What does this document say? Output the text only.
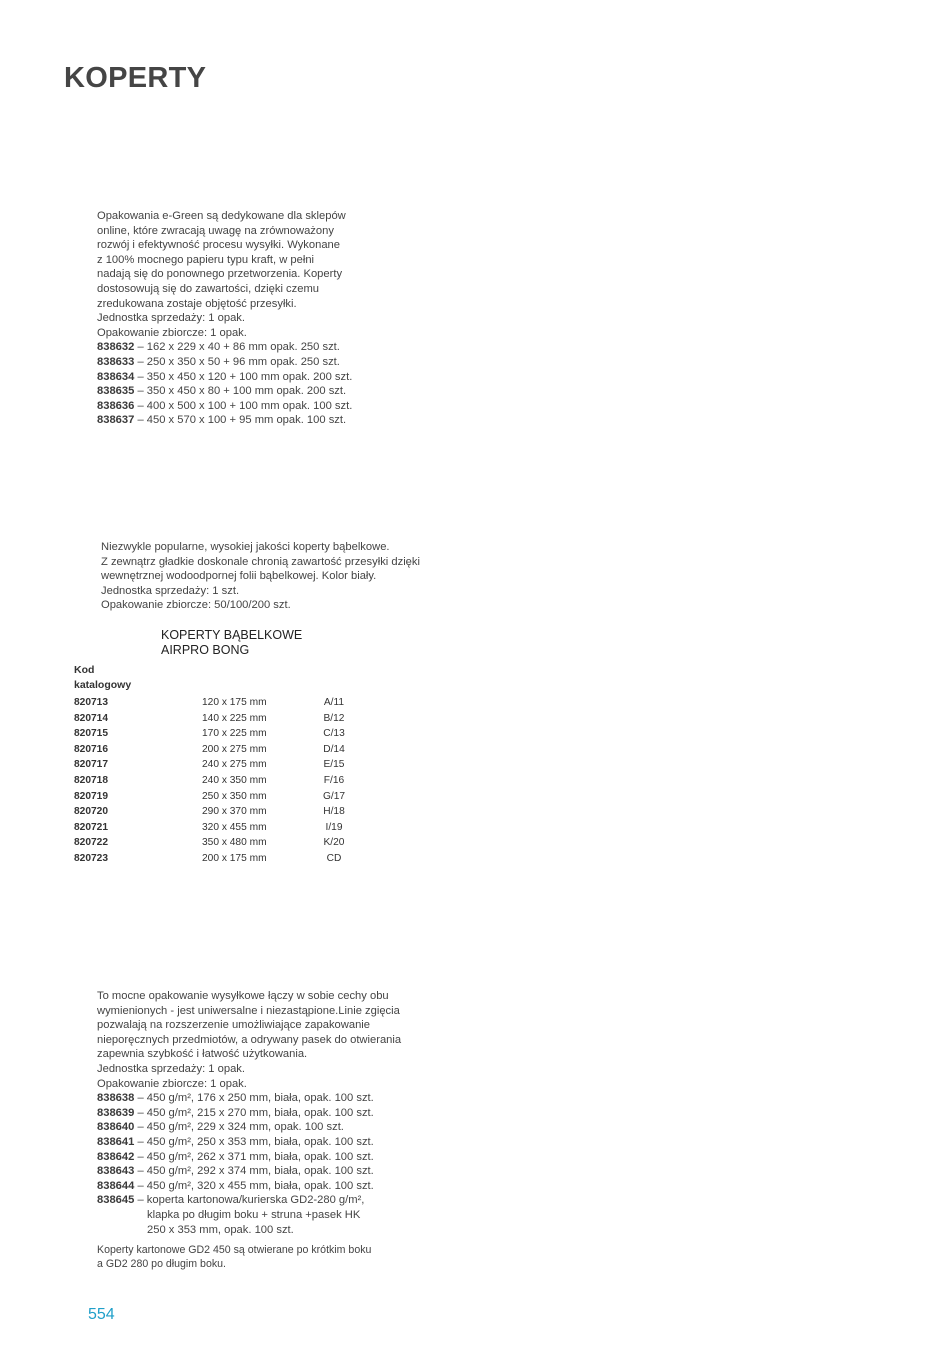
KOPERTY
Opakowania e-Green są dedykowane dla sklepów
online, które zwracają uwagę na zrównoważony
rozwój i efektywność procesu wysyłki. Wykonane
z 100% mocnego papieru typu kraft, w pełni
nadają się do ponownego przetworzenia. Koperty
dostosowują się do zawartości, dzięki czemu
zredukowana zostaje objętość przesyłki.
Jednostka sprzedaży: 1 opak.
Opakowanie zbiorcze: 1 opak.
838632 – 162 x 229 x 40 + 86 mm opak. 250 szt.
838633 – 250 x 350 x 50 + 96 mm opak. 250 szt.
838634 – 350 x 450 x 120 + 100 mm opak. 200 szt.
838635 – 350 x 450 x 80 + 100 mm opak. 200 szt.
838636 – 400 x 500 x 100 + 100 mm opak. 100 szt.
838637 – 450 x 570 x 100 + 95 mm opak. 100 szt.
Niezwykle popularne, wysokiej jakości koperty bąbelkowe.
Z zewnątrz gładkie doskonale chronią zawartość przesyłki dzięki
wewnętrznej wodoodpornej folii bąbelkowej. Kolor biały.
Jednostka sprzedaży: 1 szt.
Opakowanie zbiorcze: 50/100/200 szt.
KOPERTY BĄBELKOWE
AIRPRO BONG
Kod
katalogowy
820713	120 x 175 mm	A/11
820714	140 x 225 mm	B/12
820715	170 x 225 mm	C/13
820716	200 x 275 mm	D/14
820717	240 x 275 mm	E/15
820718	240 x 350 mm	F/16
820719	250 x 350 mm	G/17
820720	290 x 370 mm	H/18
820721	320 x 455 mm	I/19
820722	350 x 480 mm	K/20
820723	200 x 175 mm	CD
To mocne opakowanie wysyłkowe łączy w sobie cechy obu
wymienionych - jest uniwersalne i niezastąpione.Linie zgięcia
pozwalają na rozszerzenie umożliwiające zapakowanie
nieporęcznych przedmiotów, a odrywany pasek do otwierania
zapewnia szybkość i łatwość użytkowania.
Jednostka sprzedaży: 1 opak.
Opakowanie zbiorcze: 1 opak.
838638 – 450 g/m², 176 x 250 mm, biała, opak. 100 szt.
838639 – 450 g/m², 215 x 270 mm, biała, opak. 100 szt.
838640 – 450 g/m², 229 x 324 mm, opak. 100 szt.
838641 – 450 g/m², 250 x 353 mm, biała, opak. 100 szt.
838642 – 450 g/m², 262 x 371 mm, biała, opak. 100 szt.
838643 – 450 g/m², 292 x 374 mm, biała, opak. 100 szt.
838644 – 450 g/m², 320 x 455 mm, biała, opak. 100 szt.
838645 – koperta kartonowa/kurierska GD2-280 g/m²,
klapka po długim boku + struna +pasek HK
250 x 353 mm, opak. 100 szt.
Koperty kartonowe GD2 450 są otwierane po krótkim boku
a GD2 280 po długim boku.
554
